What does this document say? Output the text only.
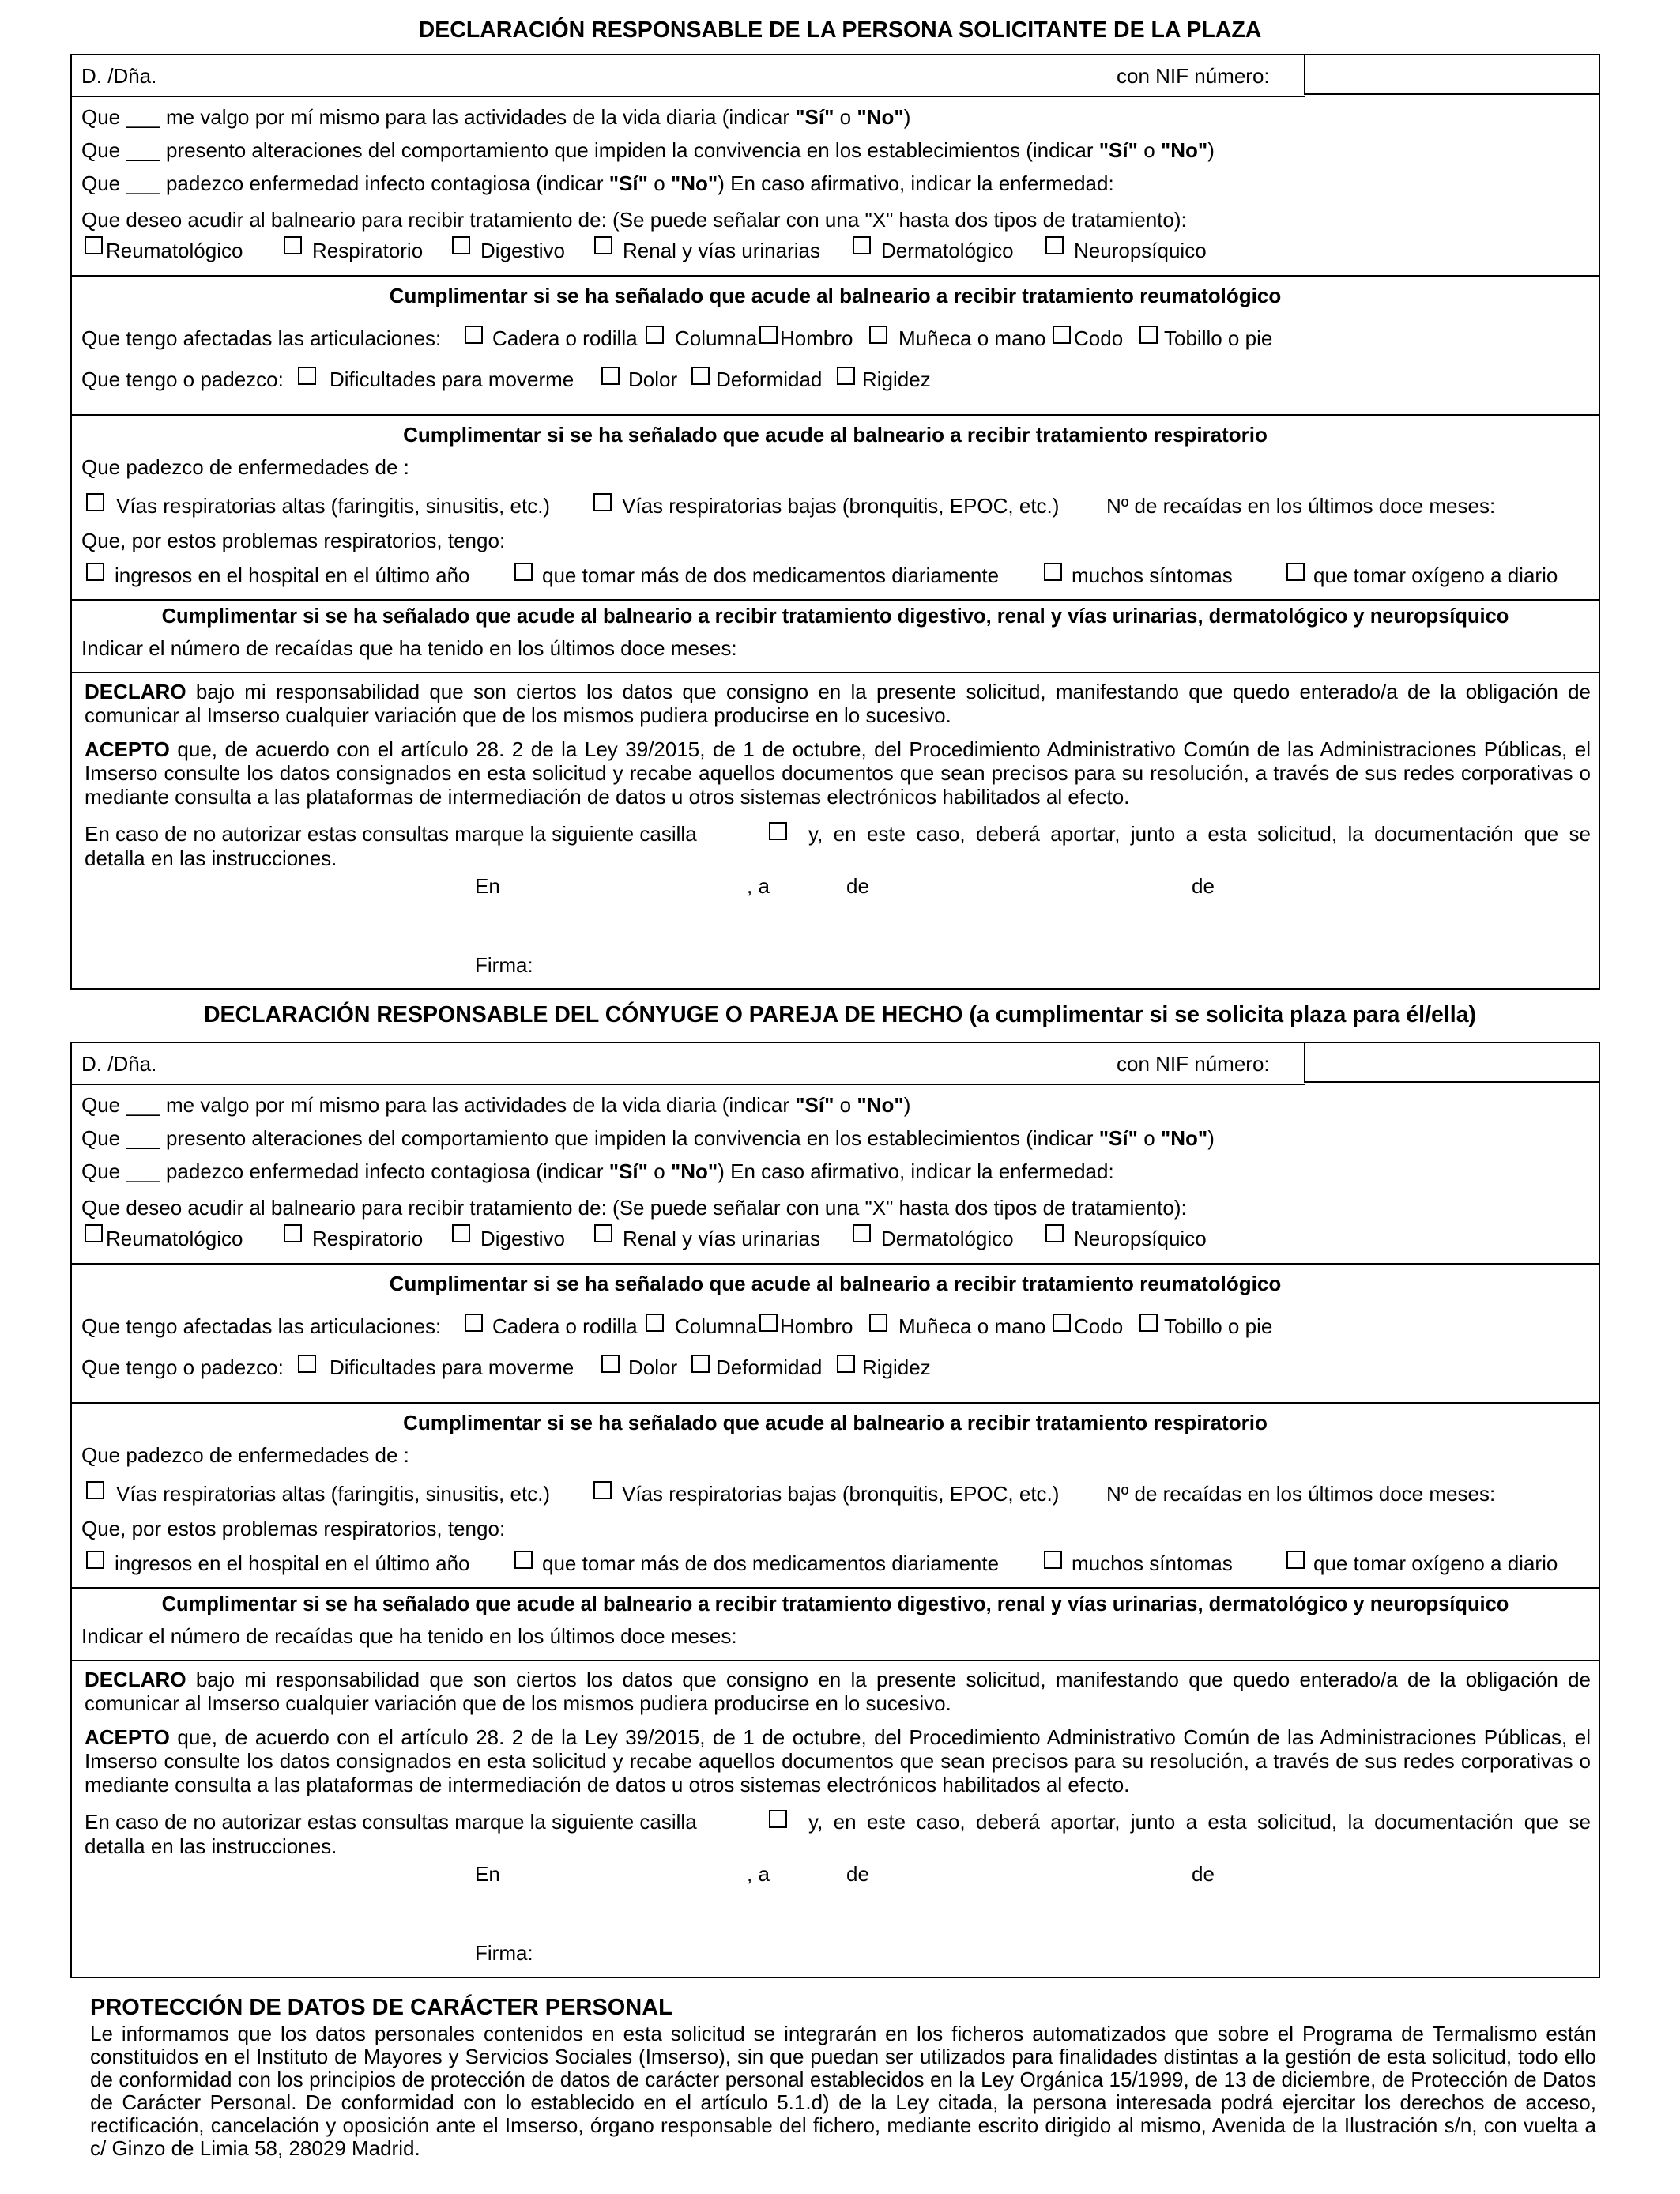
DECLARACIÓN RESPONSABLE DE LA PERSONA SOLICITANTE DE LA PLAZA
D. /Dña.	con NIF número:
Que ___ me valgo por mí mismo para las actividades de la vida diaria (indicar "Sí" o "No")
Que ___ presento alteraciones del comportamiento que impiden la convivencia en los establecimientos (indicar "Sí" o "No")
Que ___ padezco enfermedad infecto contagiosa (indicar "Sí" o "No") En caso afirmativo, indicar la enfermedad:
Que deseo acudir al balneario para recibir tratamiento de: (Se puede señalar con una "X" hasta dos tipos de tratamiento):
Reumatológico	Respiratorio	Digestivo	Renal y vías urinarias	Dermatológico	Neuropsíquico
Cumplimentar si se ha señalado que acude al balneario a recibir tratamiento reumatológico
Que tengo afectadas las articulaciones: Cadera o rodilla Columna Hombro Muñeca o mano Codo Tobillo o pie
Que tengo o padezco: Dificultades para moverme	Dolor Deformidad Rigidez
Cumplimentar si se ha señalado que acude al balneario a recibir tratamiento respiratorio
Que padezco de enfermedades de :
Vías respiratorias altas (faringitis, sinusitis, etc.)	Vías respiratorias bajas (bronquitis, EPOC, etc.) Nº de recaídas en los últimos doce meses:
Que, por estos problemas respiratorios, tengo:
ingresos en el hospital en el último año	que tomar más de dos medicamentos diariamente	muchos síntomas	que tomar oxígeno a diario
Cumplimentar si se ha señalado que acude al balneario a recibir tratamiento digestivo, renal y vías urinarias, dermatológico y neuropsíquico
Indicar el número de recaídas que ha tenido en los últimos doce meses:
DECLARO bajo mi responsabilidad que son ciertos los datos que consigno en la presente solicitud, manifestando que quedo enterado/a de la obligación de comunicar al Imserso cualquier variación que de los mismos pudiera producirse en lo sucesivo.
ACEPTO que, de acuerdo con el artículo 28. 2 de la Ley 39/2015, de 1 de octubre, del Procedimiento Administrativo Común de las Administraciones Públicas, el Imserso consulte los datos consignados en esta solicitud y recabe aquellos documentos que sean precisos para su resolución, a través de sus redes corporativas o mediante consulta a las plataformas de intermediación de datos u otros sistemas electrónicos habilitados al efecto.
En caso de no autorizar estas consultas marque la siguiente casilla	y, en este caso, deberá aportar, junto a esta solicitud, la documentación que se
detalla en las instrucciones.
En	, a	de	de
Firma:
DECLARACIÓN RESPONSABLE DEL CÓNYUGE O PAREJA DE HECHO (a cumplimentar si se solicita plaza para él/ella)
D. /Dña.	con NIF número:
Que ___ me valgo por mí mismo para las actividades de la vida diaria (indicar "Sí" o "No")
Que ___ presento alteraciones del comportamiento que impiden la convivencia en los establecimientos (indicar "Sí" o "No")
Que ___ padezco enfermedad infecto contagiosa (indicar "Sí" o "No") En caso afirmativo, indicar la enfermedad:
Que deseo acudir al balneario para recibir tratamiento de: (Se puede señalar con una "X" hasta dos tipos de tratamiento):
Reumatológico	Respiratorio	Digestivo	Renal y vías urinarias	Dermatológico	Neuropsíquico
Cumplimentar si se ha señalado que acude al balneario a recibir tratamiento reumatológico
Que tengo afectadas las articulaciones: Cadera o rodilla Columna Hombro Muñeca o mano Codo Tobillo o pie
Que tengo o padezco: Dificultades para moverme	Dolor Deformidad Rigidez
Cumplimentar si se ha señalado que acude al balneario a recibir tratamiento respiratorio
Que padezco de enfermedades de :
Vías respiratorias altas (faringitis, sinusitis, etc.)	Vías respiratorias bajas (bronquitis, EPOC, etc.) Nº de recaídas en los últimos doce meses:
Que, por estos problemas respiratorios, tengo:
ingresos en el hospital en el último año	que tomar más de dos medicamentos diariamente	muchos síntomas	que tomar oxígeno a diario
Cumplimentar si se ha señalado que acude al balneario a recibir tratamiento digestivo, renal y vías urinarias, dermatológico y neuropsíquico
Indicar el número de recaídas que ha tenido en los últimos doce meses:
DECLARO bajo mi responsabilidad que son ciertos los datos que consigno en la presente solicitud, manifestando que quedo enterado/a de la obligación de comunicar al Imserso cualquier variación que de los mismos pudiera producirse en lo sucesivo.
ACEPTO que, de acuerdo con el artículo 28. 2 de la Ley 39/2015, de 1 de octubre, del Procedimiento Administrativo Común de las Administraciones Públicas, el Imserso consulte los datos consignados en esta solicitud y recabe aquellos documentos que sean precisos para su resolución, a través de sus redes corporativas o mediante consulta a las plataformas de intermediación de datos u otros sistemas electrónicos habilitados al efecto.
En caso de no autorizar estas consultas marque la siguiente casilla	y, en este caso, deberá aportar, junto a esta solicitud, la documentación que se
detalla en las instrucciones.
En	, a	de	de
Firma:
PROTECCIÓN DE DATOS DE CARÁCTER PERSONAL
Le informamos que los datos personales contenidos en esta solicitud se integrarán en los ficheros automatizados que sobre el Programa de Termalismo están constituidos en el Instituto de Mayores y Servicios Sociales (Imserso), sin que puedan ser utilizados para finalidades distintas a la gestión de esta solicitud, todo ello de conformidad con los principios de protección de datos de carácter personal establecidos en la Ley Orgánica 15/1999, de 13 de diciembre, de Protección de Datos de Carácter Personal. De conformidad con lo establecido en el artículo 5.1.d) de la Ley citada, la persona interesada podrá ejercitar los derechos de acceso, rectificación, cancelación y oposición ante el Imserso, órgano responsable del fichero, mediante escrito dirigido al mismo, Avenida de la Ilustración s/n, con vuelta a c/ Ginzo de Limia 58, 28029 Madrid.
